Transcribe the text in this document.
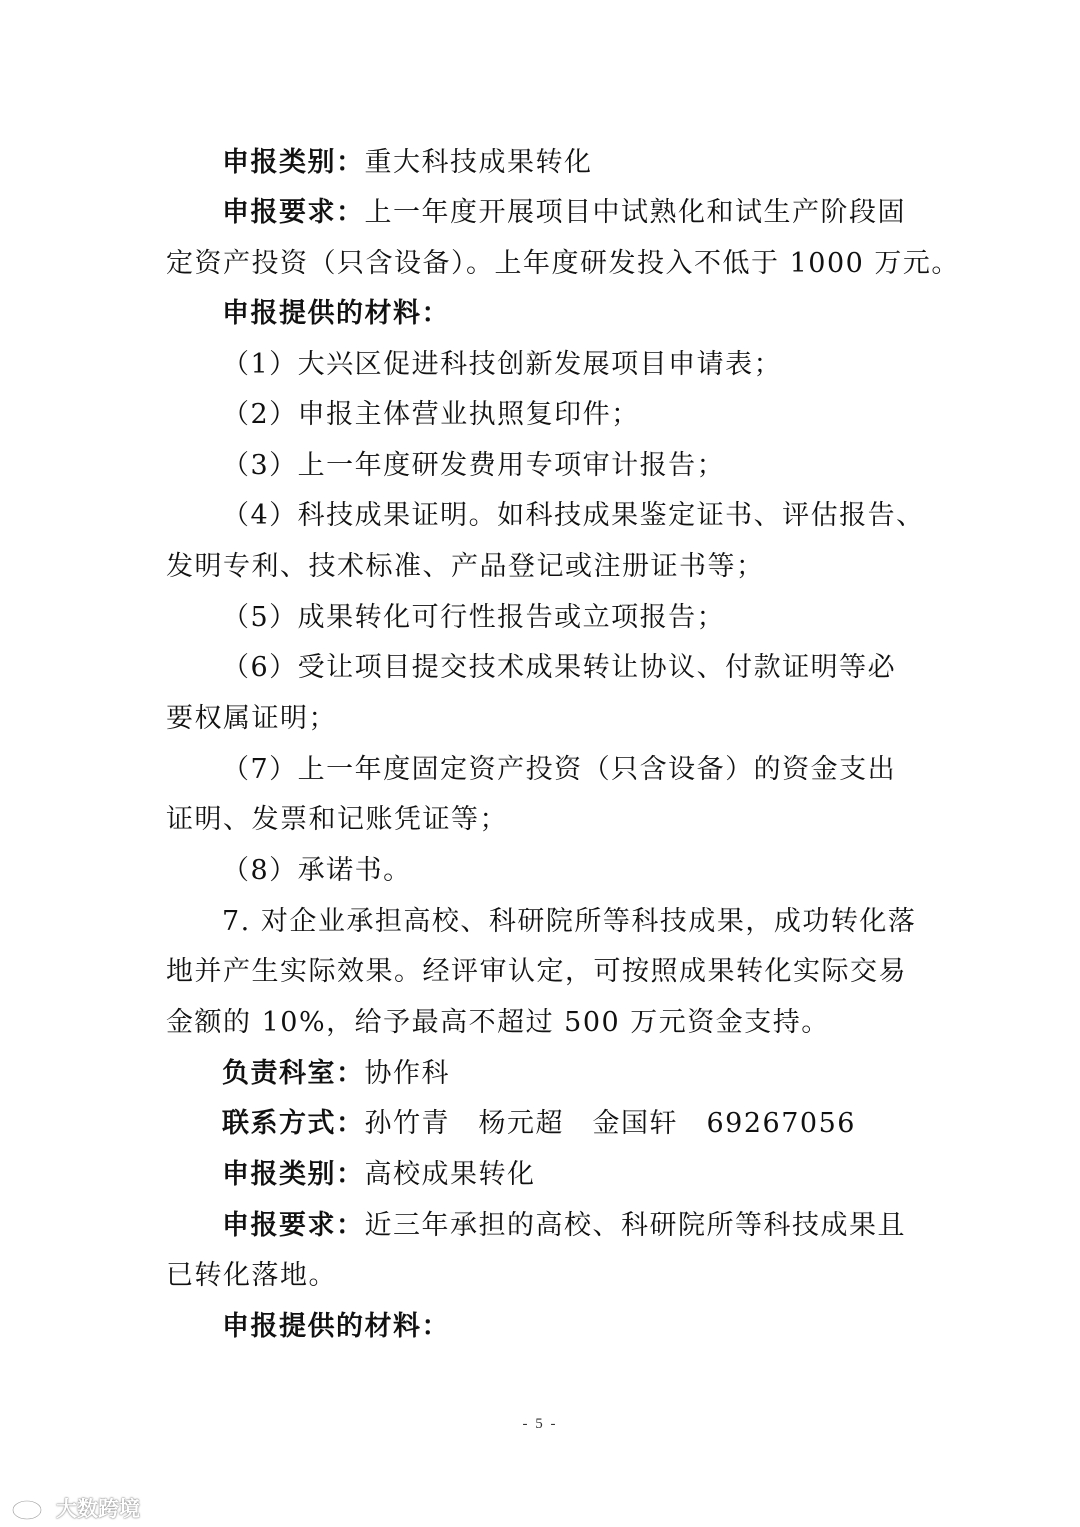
申报类别：重大科技成果转化
申报要求：上一年度开展项目中试熟化和试生产阶段固
定资产投资（只含设备）。上年度研发投入不低于 1000 万元。
申报提供的材料：
（1）大兴区促进科技创新发展项目申请表；
（2）申报主体营业执照复印件；
（3）上一年度研发费用专项审计报告；
（4）科技成果证明。如科技成果鉴定证书、评估报告、
发明专利、技术标准、产品登记或注册证书等；
（5）成果转化可行性报告或立项报告；
（6）受让项目提交技术成果转让协议、付款证明等必
要权属证明；
（7）上一年度固定资产投资（只含设备）的资金支出
证明、发票和记账凭证等；
（8）承诺书。
7. 对企业承担高校、科研院所等科技成果，成功转化落
地并产生实际效果。经评审认定，可按照成果转化实际交易
金额的 10%，给予最高不超过 500 万元资金支持。
负责科室：协作科
联系方式：孙竹青　杨元超　金国轩　69267056
申报类别：高校成果转化
申报要求：近三年承担的高校、科研院所等科技成果且
已转化落地。
申报提供的材料：
- 5 -
大数跨境
